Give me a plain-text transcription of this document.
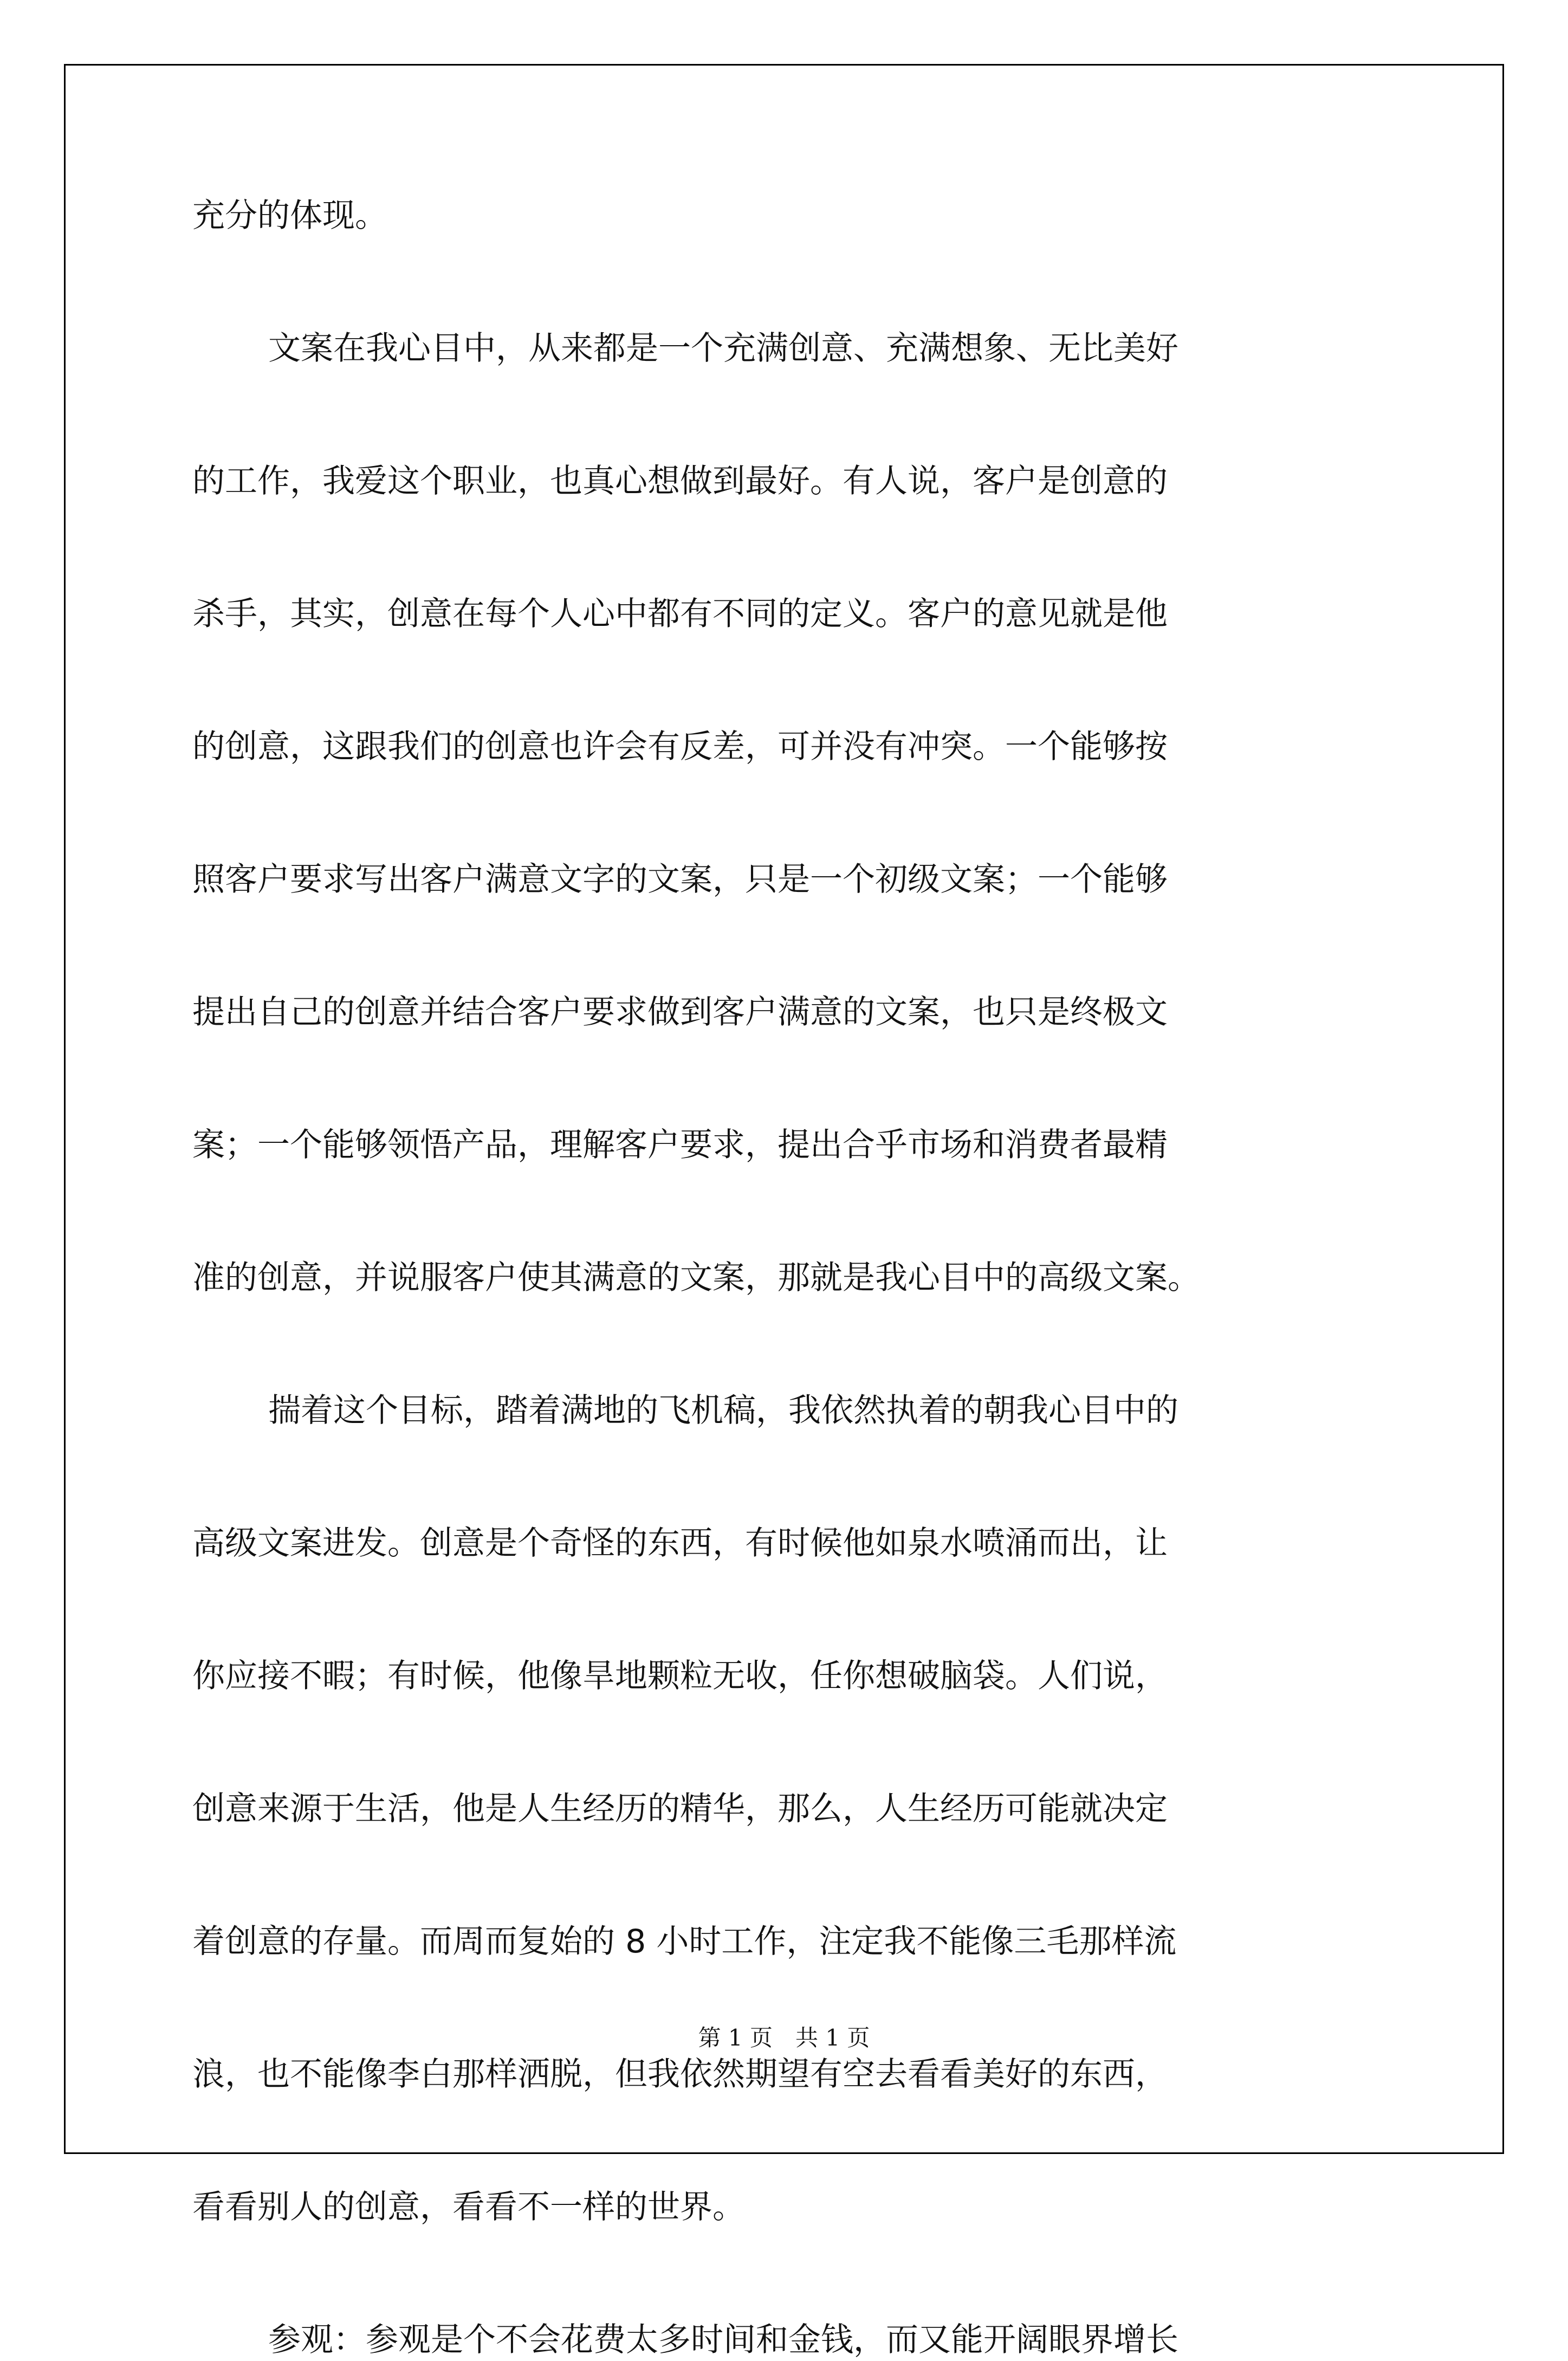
充分的体现。
文案在我心目中，从来都是一个充满创意、充满想象、无比美好
的工作，我爱这个职业，也真心想做到最好。有人说，客户是创意的
杀手，其实，创意在每个人心中都有不同的定义。客户的意见就是他
的创意，这跟我们的创意也许会有反差，可并没有冲突。一个能够按
照客户要求写出客户满意文字的文案，只是一个初级文案；一个能够
提出自己的创意并结合客户要求做到客户满意的文案，也只是终极文
案；一个能够领悟产品，理解客户要求，提出合乎市场和消费者最精
准的创意，并说服客户使其满意的文案，那就是我心目中的高级文案。
揣着这个目标，踏着满地的飞机稿，我依然执着的朝我心目中的
高级文案进发。创意是个奇怪的东西，有时候他如泉水喷涌而出，让
你应接不暇；有时候，他像旱地颗粒无收，任你想破脑袋。人们说，
创意来源于生活，他是人生经历的精华，那么，人生经历可能就决定
着创意的存量。而周而复始的 8 小时工作，注定我不能像三毛那样流
浪，也不能像李白那样洒脱，但我依然期望有空去看看美好的东西，
看看别人的创意，看看不一样的世界。
参观：参观是个不会花费太多时间和金钱，而又能开阔眼界增长
第 1 页 共 1 页
